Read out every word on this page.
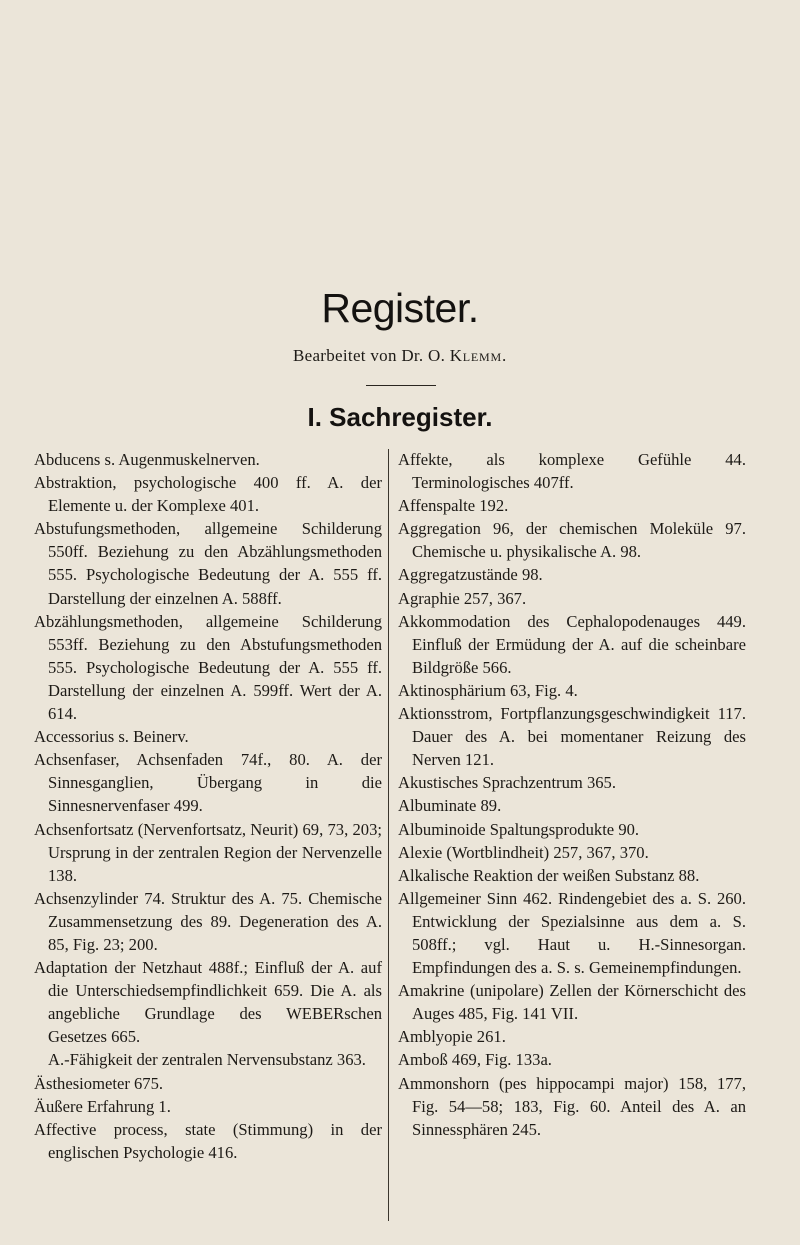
Register.
Bearbeitet von Dr. O. Klemm.
I. Sachregister.

Abducens s. Augenmuskelnerven.

Abstraktion, psychologische 400 ff. A. der Elemente u. der Komplexe 401.

Abstufungsmethoden, allgemeine Schilderung 550ff. Beziehung zu den Abzählungsmethoden 555. Psychologische Bedeutung der A. 555 ff. Darstellung der einzelnen A. 588ff.

Abzählungsmethoden, allgemeine Schilderung 553ff. Beziehung zu den Abstufungsmethoden 555. Psychologische Bedeutung der A. 555 ff. Darstellung der einzelnen A. 599ff. Wert der A. 614.

Accessorius s. Beinerv.

Achsenfaser, Achsenfaden 74f., 80. A. der Sinnesganglien, Übergang in die Sinnesnervenfaser 499.

Achsenfortsatz (Nervenfortsatz, Neurit) 69, 73, 203; Ursprung in der zentralen Region der Nervenzelle 138.

Achsenzylinder 74. Struktur des A. 75. Chemische Zusammensetzung des 89. Degeneration des A. 85, Fig. 23; 200.

Adaptation der Netzhaut 488f.; Einfluß der A. auf die Unterschiedsempfindlichkeit 659. Die A. als angebliche Grundlage des WEBERschen Gesetzes 665.

A.-Fähigkeit der zentralen Nervensubstanz 363.

Ästhesiometer 675.

Äußere Erfahrung 1.

Affective process, state (Stimmung) in der englischen Psychologie 416.

Affekte, als komplexe Gefühle 44. Terminologisches 407ff.

Affenspalte 192.

Aggregation 96, der chemischen Moleküle 97. Chemische u. physikalische A. 98.

Aggregatzustände 98.

Agraphie 257, 367.

Akkommodation des Cephalopodenauges 449. Einfluß der Ermüdung der A. auf die scheinbare Bildgröße 566.

Aktinosphärium 63, Fig. 4.

Aktionsstrom, Fortpflanzungsgeschwindigkeit 117. Dauer des A. bei momentaner Reizung des Nerven 121.

Akustisches Sprachzentrum 365.

Albuminate 89.

Albuminoide Spaltungsprodukte 90.

Alexie (Wortblindheit) 257, 367, 370.

Alkalische Reaktion der weißen Substanz 88.

Allgemeiner Sinn 462. Rindengebiet des a. S. 260. Entwicklung der Spezialsinne aus dem a. S. 508ff.; vgl. Haut u. H.-Sinnesorgan. Empfindungen des a. S. s. Gemeinempfindungen.

Amakrine (unipolare) Zellen der Körnerschicht des Auges 485, Fig. 141 VII.

Amblyopie 261.

Amboß 469, Fig. 133a.

Ammonshorn (pes hippocampi major) 158, 177, Fig. 54—58; 183, Fig. 60. Anteil des A. an Sinnessphären 245.
